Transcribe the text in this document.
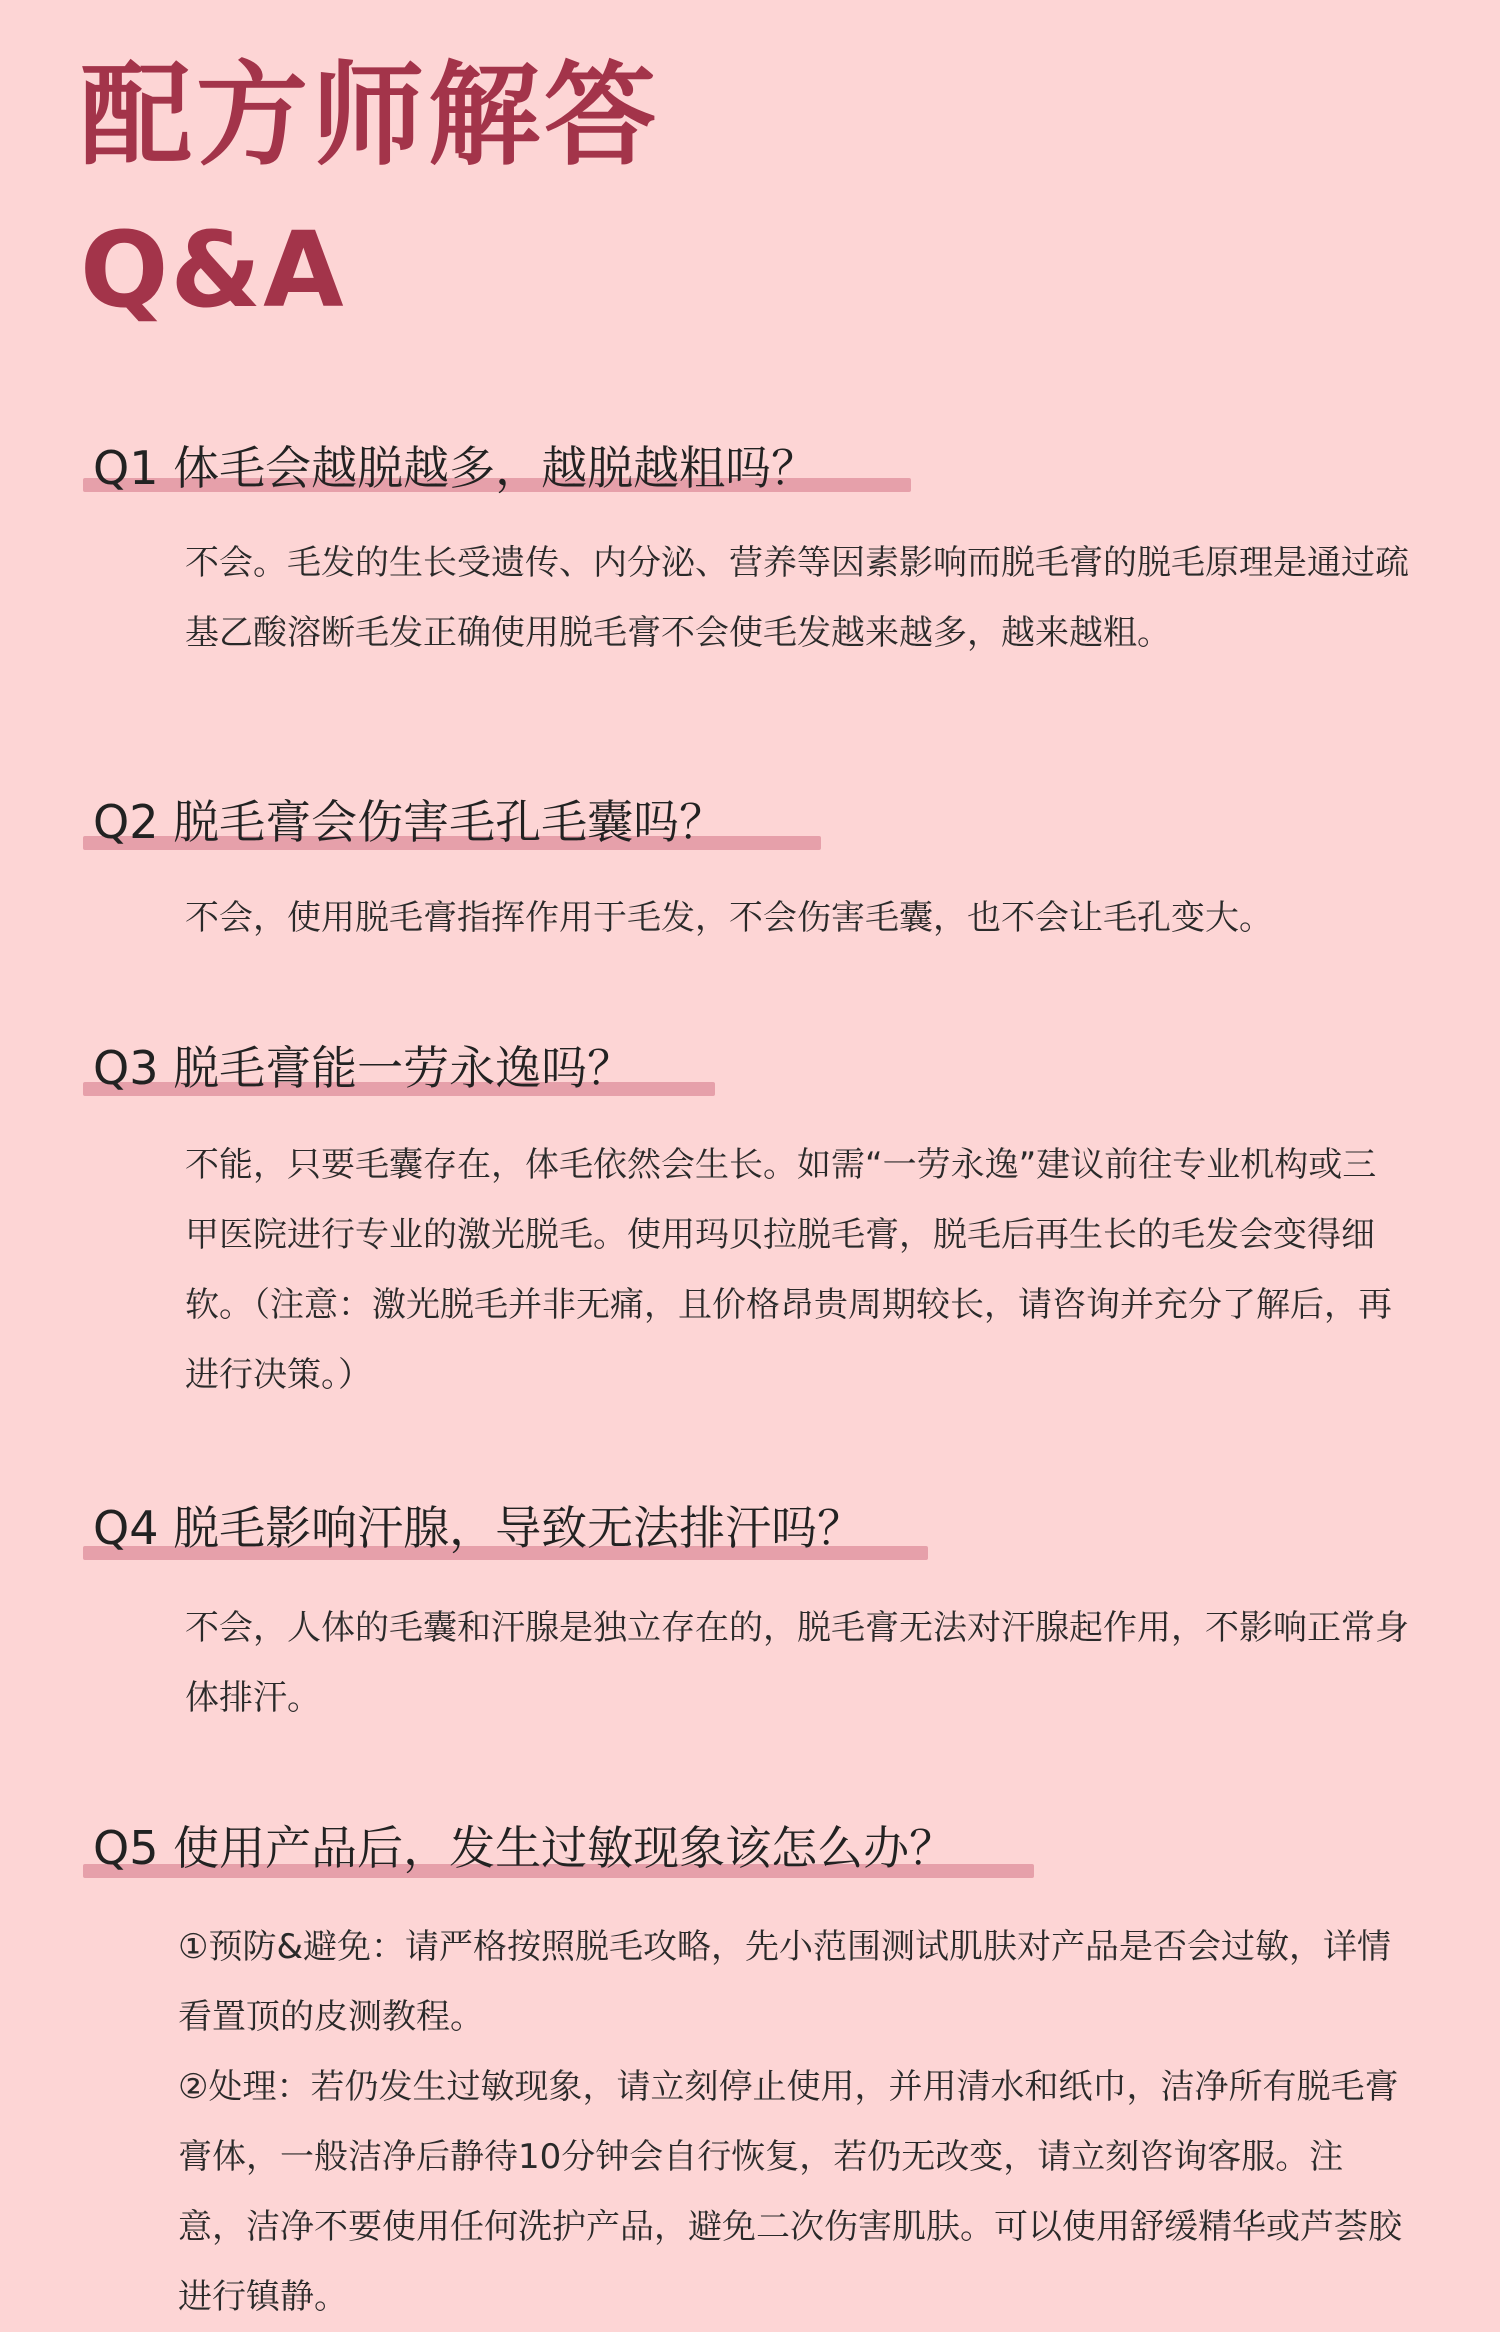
配方师解答
Q&A
Q1 体毛会越脱越多，越脱越粗吗？

不会。毛发的生长受遗传、内分泌、营养等因素影响而脱毛膏的脱毛原理是通过疏基乙酸溶断毛发正确使用脱毛膏不会使毛发越来越多，越来越粗。

Q2 脱毛膏会伤害毛孔毛囊吗？

不会，使用脱毛膏指挥作用于毛发，不会伤害毛囊，也不会让毛孔变大。

Q3 脱毛膏能一劳永逸吗？

不能，只要毛囊存在，体毛依然会生长。如需“一劳永逸”建议前往专业机构或三甲医院进行专业的激光脱毛。使用玛贝拉脱毛膏，脱毛后再生长的毛发会变得细软。（注意：激光脱毛并非无痛，且价格昂贵周期较长，请咨询并充分了解后，再进行决策。）

Q4 脱毛影响汗腺，导致无法排汗吗？

不会，人体的毛囊和汗腺是独立存在的，脱毛膏无法对汗腺起作用，不影响正常身体排汗。

Q5 使用产品后，发生过敏现象该怎么办？

①预防&避免：请严格按照脱毛攻略，先小范围测试肌肤对产品是否会过敏，详情看置顶的皮测教程。

②处理：若仍发生过敏现象，请立刻停止使用，并用清水和纸巾，洁净所有脱毛膏膏体，一般洁净后静待10分钟会自行恢复，若仍无改变，请立刻咨询客服。注意，洁净不要使用任何洗护产品，避免二次伤害肌肤。可以使用舒缓精华或芦荟胶进行镇静。
